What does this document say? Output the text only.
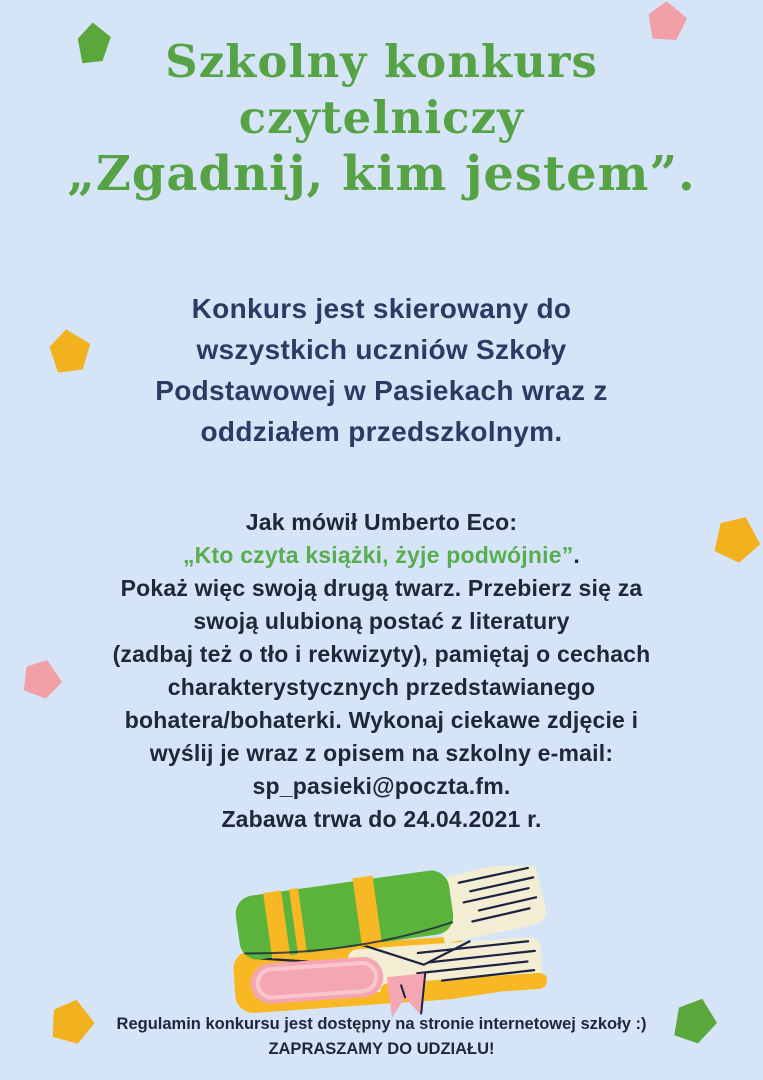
Szkolny konkurs
czytelniczy
„Zgadnij, kim jestem”.
Konkurs jest skierowany do
wszystkich uczniów Szkoły
Podstawowej w Pasiekach wraz z
oddziałem przedszkolnym.
Jak mówił Umberto Eco:
„Kto czyta książki, żyje podwójnie”.
Pokaż więc swoją drugą twarz. Przebierz się za
swoją ulubioną postać z literatury
(zadbaj też o tło i rekwizyty), pamiętaj o cechach
charakterystycznych przedstawianego
bohatera/bohaterki. Wykonaj ciekawe zdjęcie i
wyślij je wraz z opisem na szkolny e-mail:
sp_pasieki@poczta.fm.
Zabawa trwa do 24.04.2021 r.
Regulamin konkursu jest dostępny na stronie internetowej szkoły :)
ZAPRASZAMY DO UDZIAŁU!
